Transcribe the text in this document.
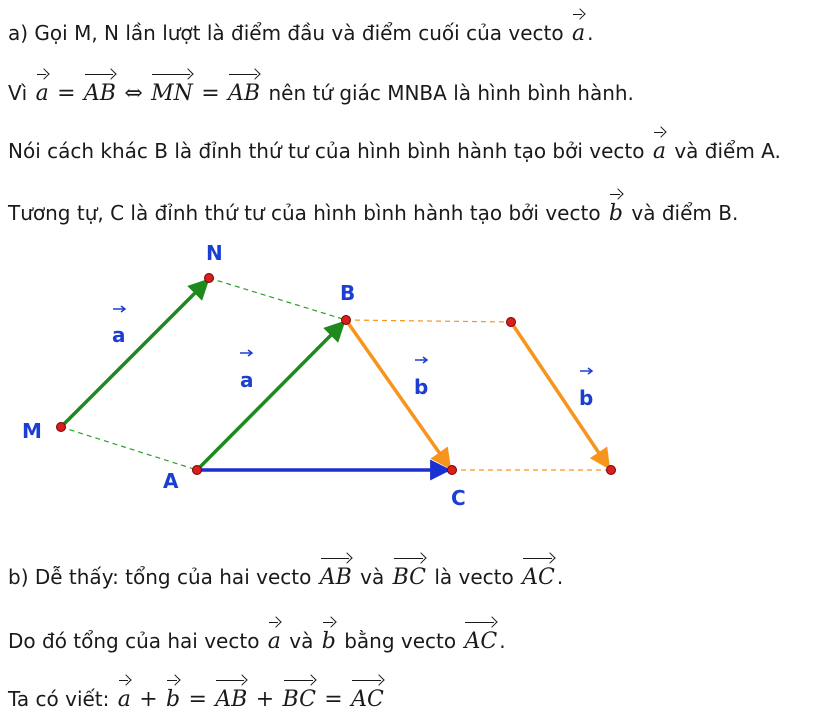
a) Gọi M, N lần lượt là điểm đầu và điểm cuối của vecto a .
Vì a = AB ⇔ MN = AB nên tứ giác MNBA là hình bình hành.
Nói cách khác B là đỉnh thứ tư của hình bình hành tạo bởi vecto a và điểm A.
Tương tự, C là đỉnh thứ tư của hình bình hành tạo bởi vecto b và điểm B.
N
M
B
A
C
a
a	b	b
b) Dễ thấy: tổng của hai vecto AB và BC là vecto AC .
Do đó tổng của hai vecto a và b bằng vecto AC .
Ta có viết: a + b = AB + BC = AC
